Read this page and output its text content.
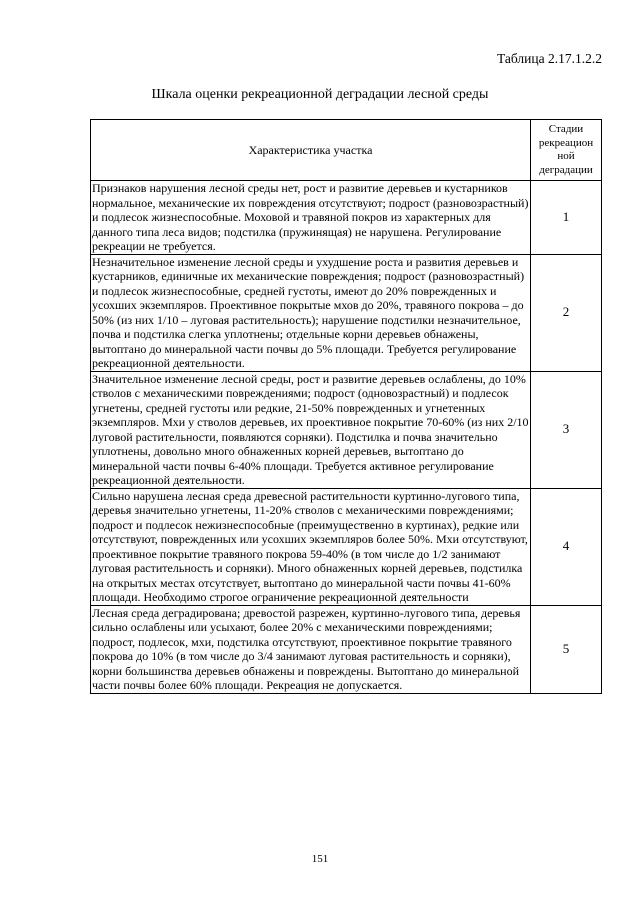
Таблица 2.17.1.2.2
Шкала оценки рекреационной деградации лесной среды
Характеристика участка	Стадии рекреацион ной деградации
Признаков нарушения лесной среды нет, рост и развитие деревьев и кустарников нормальное, механические их повреждения отсутствуют; подрост (разновозрастный) и подлесок жизнеспособные. Моховой и травяной покров из характерных для данного типа леса видов; подстилка (пружинящая) не нарушена. Регулирование рекреации не требуется.	1
Незначительное изменение лесной среды и ухудшение роста и развития деревьев и кустарников, единичные их механические повреждения; подрост (разновозрастный) и подлесок жизнеспособные, средней густоты, имеют до 20% поврежденных и усохших экземпляров. Проективное покрытые мхов до 20%, травяного покрова – до 50% (из них 1/10 – луговая растительность); нарушение подстилки незначительное, почва и подстилка слегка уплотнены; отдельные корни деревьев обнажены, вытоптано до минеральной части почвы до 5% площади. Требуется регулирование рекреационной деятельности.	2
Значительное изменение лесной среды, рост и развитие деревьев ослаблены, до 10% стволов с механическими повреждениями; подрост (одновозрастный) и подлесок угнетены, средней густоты или редкие, 21-50% поврежденных и угнетенных экземпляров. Мхи у стволов деревьев, их проективное покрытие 70-60% (из них 2/10 луговой растительности, появляются сорняки). Подстилка и почва значительно уплотнены, довольно много обнаженных корней деревьев, вытоптано до минеральной части почвы 6-40% площади. Требуется активное регулирование рекреационной деятельности.	3
Сильно нарушена лесная среда древесной растительности куртинно-лугового типа, деревья значительно угнетены, 11-20% стволов с механическими повреждениями; подрост и подлесок нежизнеспособные (преимущественно в куртинах), редкие или отсутствуют, поврежденных или усохших экземпляров более 50%. Мхи отсутствуют, проективное покрытие травяного покрова 59-40% (в том числе до 1/2 занимают луговая растительность и сорняки). Много обнаженных корней деревьев, подстилка на открытых местах отсутствует, вытоптано до минеральной части почвы 41-60% площади. Необходимо строгое ограничение рекреационной деятельности	4
Лесная среда деградирована; древостой разрежен, куртинно-лугового типа, деревья сильно ослаблены или усыхают, более 20% с механическими повреждениями; подрост, подлесок, мхи, подстилка отсутствуют, проективное покрытие травяного покрова до 10% (в том числе до 3/4 занимают луговая растительность и сорняки), корни большинства деревьев обнажены и повреждены. Вытоптано до минеральной части почвы более 60% площади. Рекреация не допускается.	5
151
